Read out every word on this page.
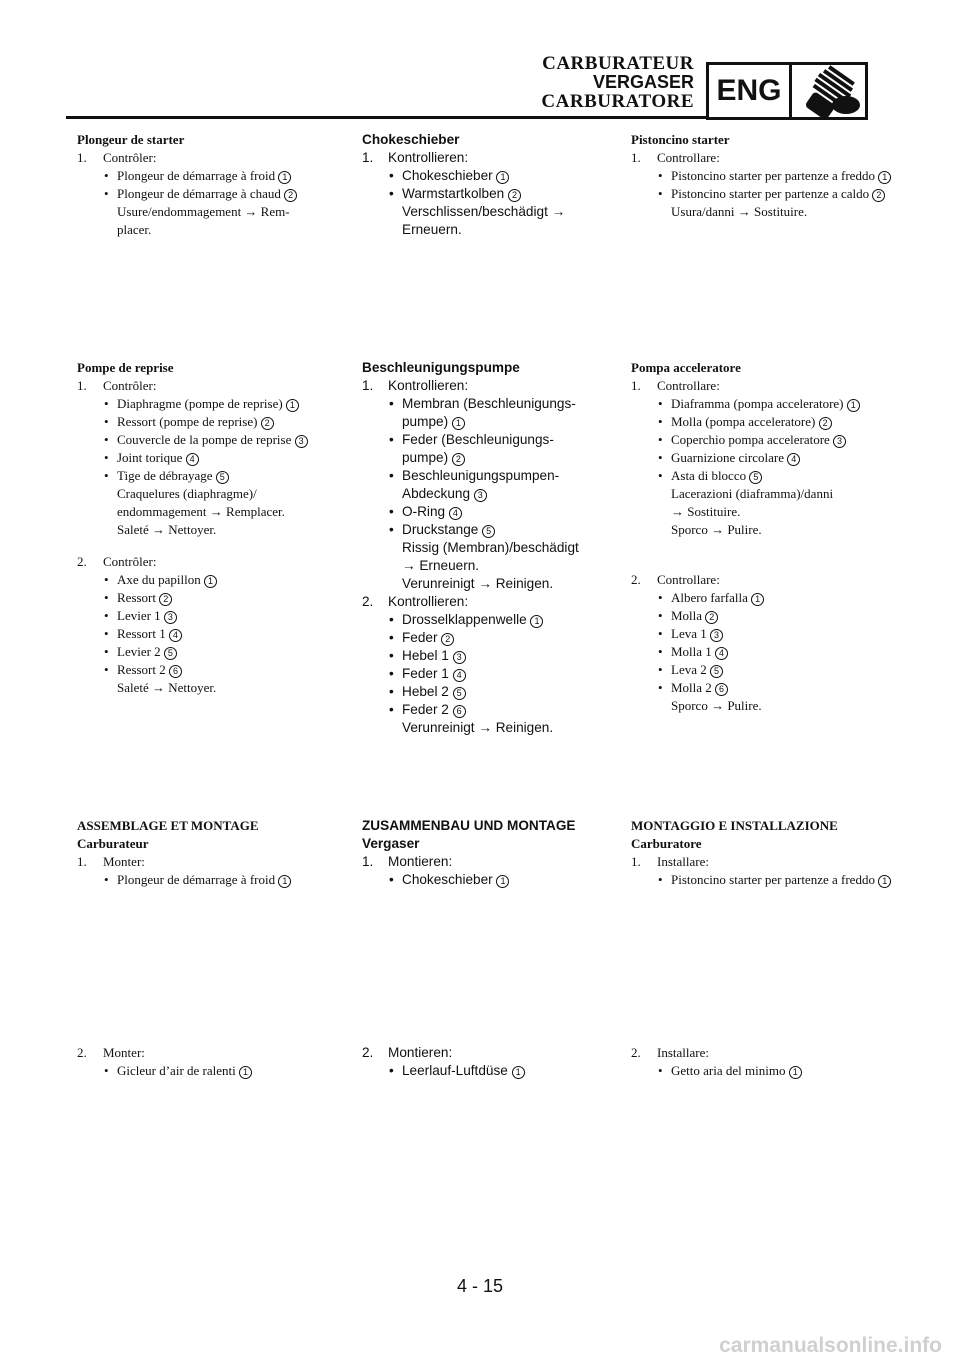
CARBURATEUR
VERGASER
CARBURATORE ENG
Plongeur de starter
1.	Contrôler:
• Plongeur de démarrage à froid 1
• Plongeur de démarrage à chaud 2
Usure/endommagement → Rem-
placer.
Chokeschieber
1.	Kontrollieren:
• Chokeschieber 1
• Warmstartkolben 2
Verschlissen/beschädigt →
Erneuern.
Pistoncino starter
1.	Controllare:
• Pistoncino starter per partenze a freddo 1
• Pistoncino starter per partenze a caldo 2
Usura/danni → Sostituire.
Pompe de reprise
1.	Contrôler:
• Diaphragme (pompe de reprise) 1
• Ressort (pompe de reprise) 2
• Couvercle de la pompe de reprise 3
• Joint torique 4
• Tige de débrayage 5
Craquelures (diaphragme)/
endommagement → Remplacer.
Saleté → Nettoyer.
2.	Contrôler:
• Axe du papillon 1
• Ressort 2
• Levier 1 3
• Ressort 1 4
• Levier 2 5
• Ressort 2 6
Saleté → Nettoyer.
Beschleunigungspumpe
1.	Kontrollieren:
• Membran (Beschleunigungs- pumpe) 1
• Feder (Beschleunigungs- pumpe) 2
• Beschleunigungspumpen- Abdeckung 3
• O-Ring 4
• Druckstange 5
Rissig (Membran)/beschädigt
→ Erneuern.
Verunreinigt → Reinigen.
2.	Kontrollieren:
• Drosselklappenwelle 1
• Feder 2
• Hebel 1 3
• Feder 1 4
• Hebel 2 5
• Feder 2 6
Verunreinigt → Reinigen.
Pompa acceleratore
1.	Controllare:
• Diaframma (pompa acceleratore) 1
• Molla (pompa acceleratore) 2
• Coperchio pompa acceleratore 3
• Guarnizione circolare 4
• Asta di blocco 5
Lacerazioni (diaframma)/danni
→ Sostituire.
Sporco → Pulire.
2.	Controllare:
• Albero farfalla 1
• Molla 2
• Leva 1 3
• Molla 1 4
• Leva 2 5
• Molla 2 6
Sporco → Pulire.
ASSEMBLAGE ET MONTAGE
Carburateur
1.	Monter:
• Plongeur de démarrage à froid 1
ZUSAMMENBAU UND MONTAGE
Vergaser
1.	Montieren:
• Chokeschieber 1
MONTAGGIO E INSTALLAZIONE
Carburatore
1.	Installare:
• Pistoncino starter per partenze a freddo 1
2.	Monter:
• Gicleur d’air de ralenti 1
2.	Montieren:
• Leerlauf-Luftdüse 1
2.	Installare:
• Getto aria del minimo 1
4 - 15
carmanualsonline.info
